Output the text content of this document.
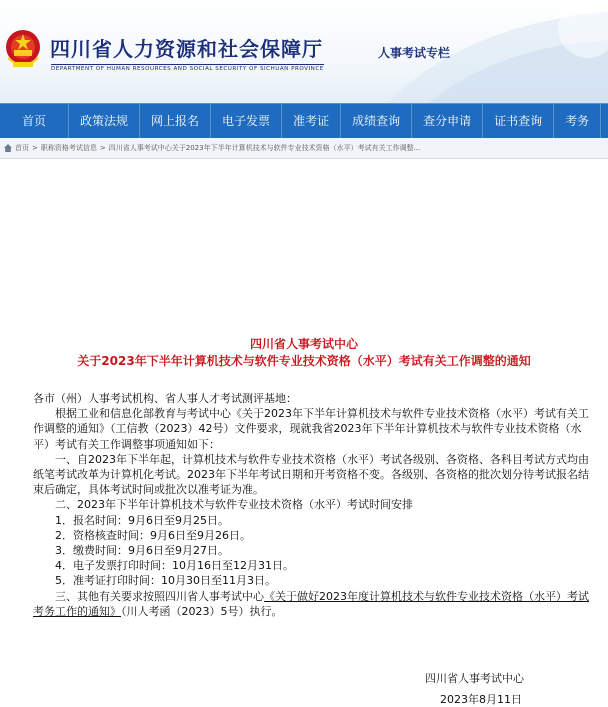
四川省人力资源和社会保障厅
DEPARTMENT OF HUMAN RESOURCES AND SOCIAL SECURITY OF SICHUAN PROVINCE
人事考试专栏
首页	政策法规	网上报名	电子发票	准考证	成绩查询	查分申请	证书查询	考务
首页 > 职称资格考试信息 > 四川省人事考试中心关于2023年下半年计算机技术与软件专业技术资格（水平）考试有关工作调整...
四川省人事考试中心
关于2023年下半年计算机技术与软件专业技术资格（水平）考试有关工作调整的通知

各市（州）人事考试机构、省人事人才考试测评基地：

根据工业和信息化部教育与考试中心《关于2023年下半年计算机技术与软件专业技术资格（水平）考试有关工作调整的通知》（工信教（2023）42号）文件要求，现就我省2023年下半年计算机技术与软件专业技术资格（水平）考试有关工作调整事项通知如下：

一、自2023年下半年起，计算机技术与软件专业技术资格（水平）考试各级别、各资格、各科目考试方式均由纸笔考试改革为计算机化考试。2023年下半年考试日期和开考资格不变。各级别、各资格的批次划分待考试报名结束后确定，具体考试时间或批次以准考证为准。

二、2023年下半年计算机技术与软件专业技术资格（水平）考试时间安排

1．报名时间：9月6日至9月25日。

2．资格核查时间：9月6日至9月26日。

3．缴费时间：9月6日至9月27日。

4．电子发票打印时间：10月16日至12月31日。

5．准考证打印时间：10月30日至11月3日。

三、其他有关要求按照四川省人事考试中心《关于做好2023年度计算机技术与软件专业技术资格（水平）考试考务工作的通知》（川人考函（2023）5号）执行。

四川省人事考试中心
2023年8月11日
